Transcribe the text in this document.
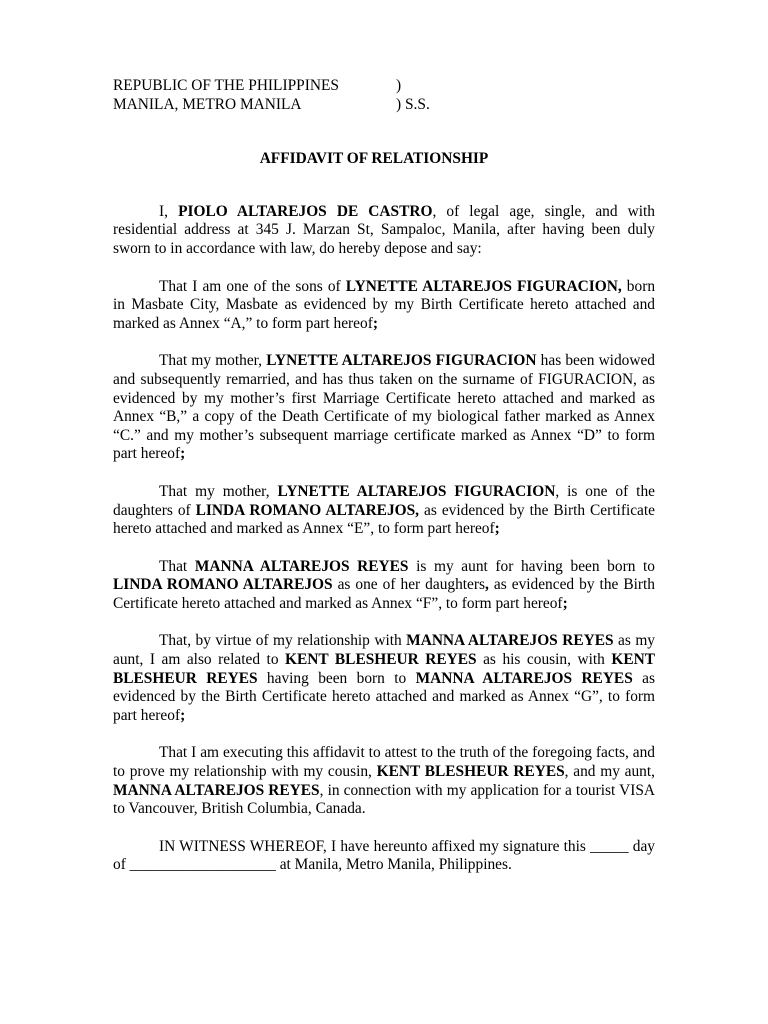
REPUBLIC OF THE PHILIPPINES	)
MANILA, METRO MANILA	) S.S.
AFFIDAVIT OF RELATIONSHIP

I, PIOLO ALTAREJOS DE CASTRO, of legal age, single, and with residential address at 345 J. Marzan St, Sampaloc, Manila, after having been duly sworn to in accordance with law, do hereby depose and say:

That I am one of the sons of LYNETTE ALTAREJOS FIGURACION, born in Masbate City, Masbate as evidenced by my Birth Certificate hereto attached and marked as Annex “A,” to form part hereof;

That my mother, LYNETTE ALTAREJOS FIGURACION has been widowed and subsequently remarried, and has thus taken on the surname of FIGURACION, as evidenced by my mother’s first Marriage Certificate hereto attached and marked as Annex “B,” a copy of the Death Certificate of my biological father marked as Annex “C.” and my mother’s subsequent marriage certificate marked as Annex “D” to form part hereof;

That my mother, LYNETTE ALTAREJOS FIGURACION, is one of the daughters of LINDA ROMANO ALTAREJOS, as evidenced by the Birth Certificate hereto attached and marked as Annex “E”, to form part hereof;

That MANNA ALTAREJOS REYES is my aunt for having been born to LINDA ROMANO ALTAREJOS as one of her daughters, as evidenced by the Birth Certificate hereto attached and marked as Annex “F”, to form part hereof;

That, by virtue of my relationship with MANNA ALTAREJOS REYES as my aunt, I am also related to KENT BLESHEUR REYES as his cousin, with KENT BLESHEUR REYES having been born to MANNA ALTAREJOS REYES as evidenced by the Birth Certificate hereto attached and marked as Annex “G”, to form part hereof;

That I am executing this affidavit to attest to the truth of the foregoing facts, and to prove my relationship with my cousin, KENT BLESHEUR REYES, and my aunt, MANNA ALTAREJOS REYES, in connection with my application for a tourist VISA to Vancouver, British Columbia, Canada.

IN WITNESS WHEREOF, I have hereunto affixed my signature this _____ day of ___________________ at Manila, Metro Manila, Philippines.
